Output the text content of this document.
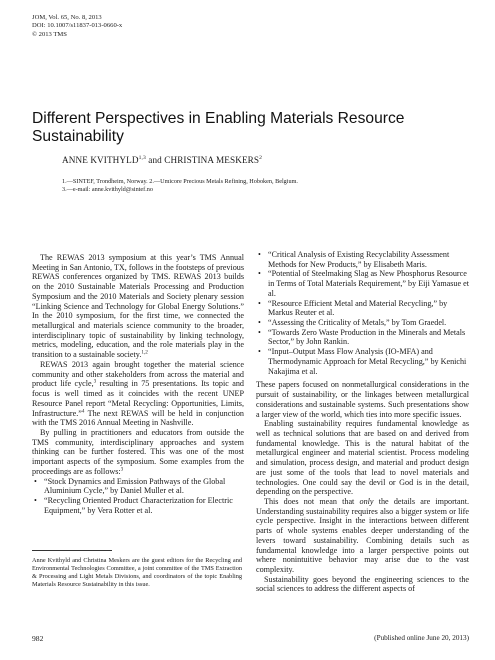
JOM, Vol. 65, No. 8, 2013
DOI: 10.1007/s11837-013-0660-x
© 2013 TMS
Different Perspectives in Enabling Materials Resource Sustainability
ANNE KVITHYLD$^{1,3}$ and CHRISTINA MESKERS$^2$
1.—SINTEF, Trondheim, Norway. 2.—Umicore Precious Metals Refining, Hoboken, Belgium.
3.—e-mail: anne.kvithyld@sintef.no

The REWAS 2013 symposium at this year’s TMS Annual Meeting in San Antonio, TX, follows in the footsteps of previous REWAS conferences organized by TMS. REWAS 2013 builds on the 2010 Sustainable Materials Processing and Production Symposium and the 2010 Materials and Society plenary session “Linking Science and Technology for Global Energy Solutions.” In the 2010 symposium, for the first time, we connected the metallurgical and materials science community to the broader, interdisciplinary topic of sustainability by linking technology, metrics, modeling, education, and the role materials play in the transition to a sustainable society.$^{1,2}$

REWAS 2013 again brought together the material science community and other stakeholders from across the material and product life cycle,$^3$ resulting in 75 presentations. Its topic and focus is well timed as it coincides with the recent UNEP Resource Panel report “Metal Recycling: Opportunities, Limits, Infrastructure.”$^4$ The next REWAS will be held in conjunction with the TMS 2016 Annual Meeting in Nashville.

By pulling in practitioners and educators from outside the TMS community, interdisciplinary approaches and system thinking can be further fostered. This was one of the most important aspects of the symposium. Some examples from the proceedings are as follows:$^3$

• “Stock Dynamics and Emission Pathways of the Global Aluminium Cycle,” by Daniel Muller et al.
• “Recycling Oriented Product Characterization for Electric Equipment,” by Vera Rotter et al.
• “Critical Analysis of Existing Recyclability Assessment Methods for New Products,” by Elisabeth Maris.
• “Potential of Steelmaking Slag as New Phosphorus Resource in Terms of Total Materials Requirement,” by Eiji Yamasue et al.
• “Resource Efficient Metal and Material Recycling,” by Markus Reuter et al.
• “Assessing the Criticality of Metals,” by Tom Graedel.
• “Towards Zero Waste Production in the Minerals and Metals Sector,” by John Rankin.
• “Input–Output Mass Flow Analysis (IO-MFA) and Thermodynamic Approach for Metal Recycling,” by Kenichi Nakajima et al.

These papers focused on nonmetallurgical considerations in the pursuit of sustainability, or the linkages between metallurgical considerations and sustainable systems. Such presentations show a larger view of the world, which ties into more specific issues.

Enabling sustainability requires fundamental knowledge as well as technical solutions that are based on and derived from fundamental knowledge. This is the natural habitat of the metallurgical engineer and material scientist. Process modeling and simulation, process design, and material and product design are just some of the tools that lead to novel materials and technologies. One could say the devil or God is in the detail, depending on the perspective.

This does not mean that only the details are important. Understanding sustainability requires also a bigger system or life cycle perspective. Insight in the interactions between different parts of whole systems enables deeper understanding of the levers toward sustainability. Combining details such as fundamental knowledge into a larger perspective points out where nonintuitive behavior may arise due to the vast complexity.

Sustainability goes beyond the engineering sciences to the social sciences to address the different aspects of

Anne Kvithyld and Christina Meskers are the guest editors for the Recycling and Environmental Technologies Committee, a joint committee of the TMS Extraction & Processing and Light Metals Divisions, and coordinators of the topic Enabling Materials Resource Sustainability in this issue.
982	(Published online June 20, 2013)
